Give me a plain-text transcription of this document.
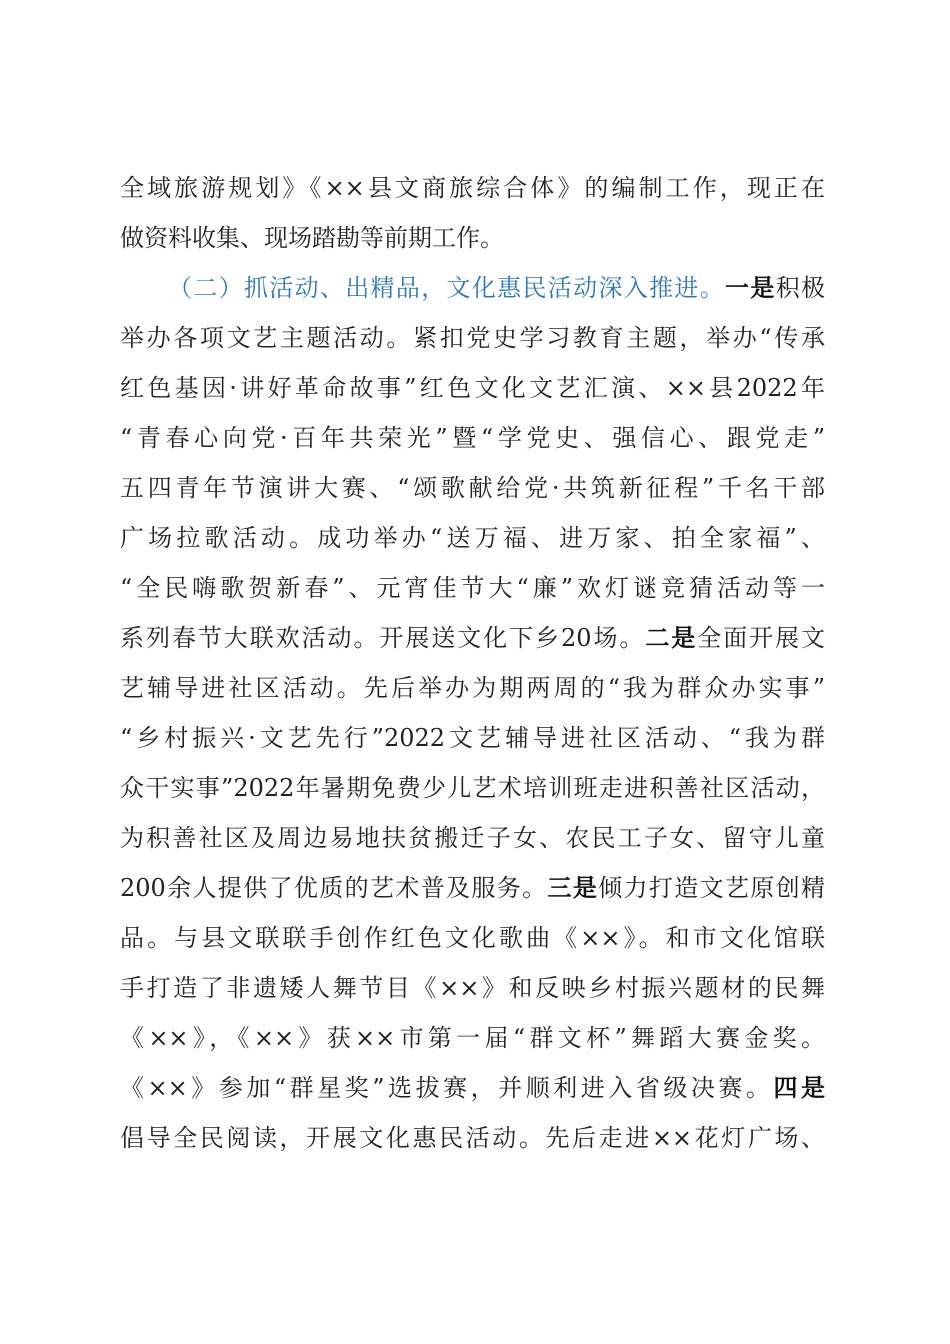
全域旅游规划》《××县文商旅综合体》的编制工作，现正在
做资料收集、现场踏勘等前期工作。
（二）抓活动、出精品，文化惠民活动深入推进。一是积极
举办各项文艺主题活动。紧扣党史学习教育主题，举办“传承
红色基因·讲好革命故事”红色文化文艺汇演、××县2022年
“青春心向党·百年共荣光”暨“学党史、强信心、跟党走”
五四青年节演讲大赛、“颂歌献给党·共筑新征程”千名干部
广场拉歌活动。成功举办“送万福、进万家、拍全家福”、
“全民嗨歌贺新春”、元宵佳节大“廉”欢灯谜竞猜活动等一
系列春节大联欢活动。开展送文化下乡20场。二是全面开展文
艺辅导进社区活动。先后举办为期两周的“我为群众办实事”
“乡村振兴·文艺先行”2022文艺辅导进社区活动、“我为群
众干实事”2022年暑期免费少儿艺术培训班走进积善社区活动，
为积善社区及周边易地扶贫搬迁子女、农民工子女、留守儿童
200余人提供了优质的艺术普及服务。三是倾力打造文艺原创精
品。与县文联联手创作红色文化歌曲《××》。和市文化馆联
手打造了非遗矮人舞节目《××》和反映乡村振兴题材的民舞
《××》，《××》获××市第一届“群文杯”舞蹈大赛金奖。
《××》参加“群星奖”选拔赛，并顺利进入省级决赛。四是
倡导全民阅读，开展文化惠民活动。先后走进××花灯广场、
